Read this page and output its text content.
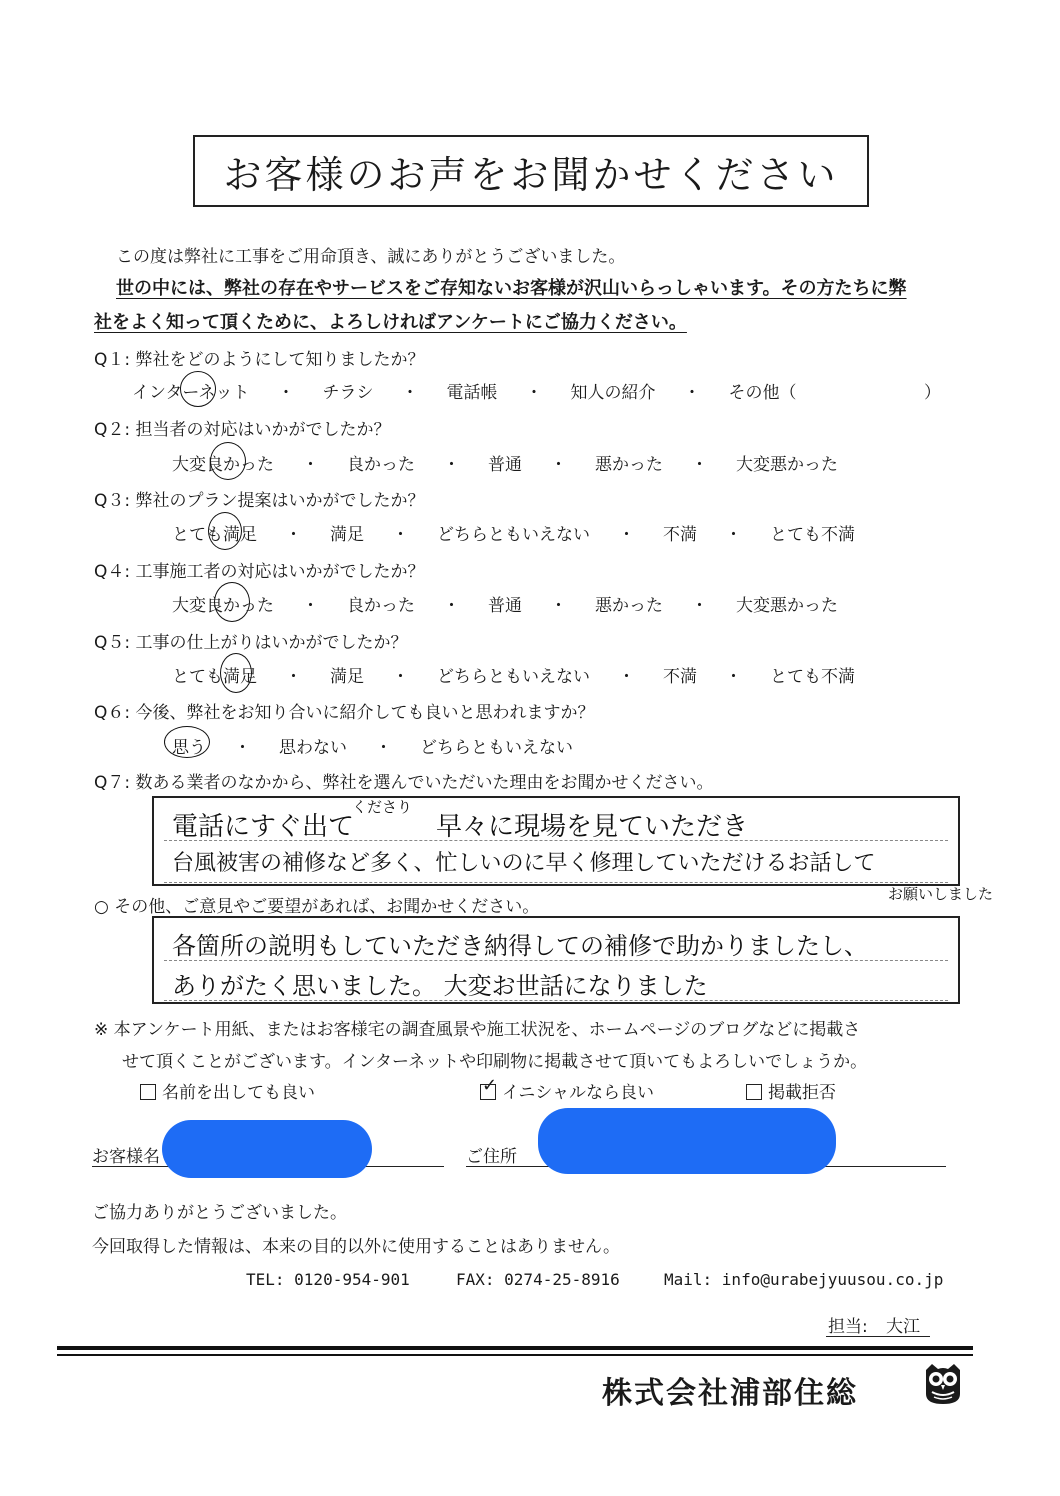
お客様のお声をお聞かせください
この度は弊社に工事をご用命頂き、誠にありがとうございました。
世の中には、弊社の存在やサービスをご存知ないお客様が沢山いらっしゃいます。その方たちに弊
社をよく知って頂くために、よろしければアンケートにご協力ください。
Q１: 弊社をどのようにして知りましたか？
インターネット ・ チラシ ・ 電話帳 ・ 知人の紹介 ・ その他（	）
Q２: 担当者の対応はいかがでしたか？
大変良かった ・ 良かった ・ 普通 ・ 悪かった ・ 大変悪かった
Q３: 弊社のプラン提案はいかがでしたか？
とても満足 ・ 満足 ・ どちらともいえない ・ 不満 ・ とても不満
Q４: 工事施工者の対応はいかがでしたか？
大変良かった ・ 良かった ・ 普通 ・ 悪かった ・ 大変悪かった
Q５: 工事の仕上がりはいかがでしたか？
とても満足 ・ 満足 ・ どちらともいえない ・ 不満 ・ とても不満
Q６: 今後、弊社をお知り合いに紹介しても良いと思われますか？
思う ・ 思わない ・ どちらともいえない
Q７: 数ある業者のなかから、弊社を選んでいただいた理由をお聞かせください。
電話にすぐ出て
くださり
早々に現場を見ていただき
台風被害の補修など多く、忙しいのに早く修理していただけるお話して
お願いしました
○ その他、ご意見やご要望があれば、お聞かせください。
各箇所の説明もしていただき納得しての補修で助かりましたし、
ありがたく思いました。 大変お世話になりました
※ 本アンケート用紙、またはお客様宅の調査風景や施工状況を、ホームページのブログなどに掲載さ
せて頂くことがございます。インターネットや印刷物に掲載させて頂いてもよろしいでしょうか。
名前を出しても良い	✓ イニシャルなら良い	掲載拒否
お客様名	ご住所
ご協力ありがとうございました。
今回取得した情報は、本来の目的以外に使用することはありません。
TEL: 0120-954-901	FAX: 0274-25-8916	Mail: info@urabejyuusou.co.jp
担当: 大江
株式会社浦部住総
